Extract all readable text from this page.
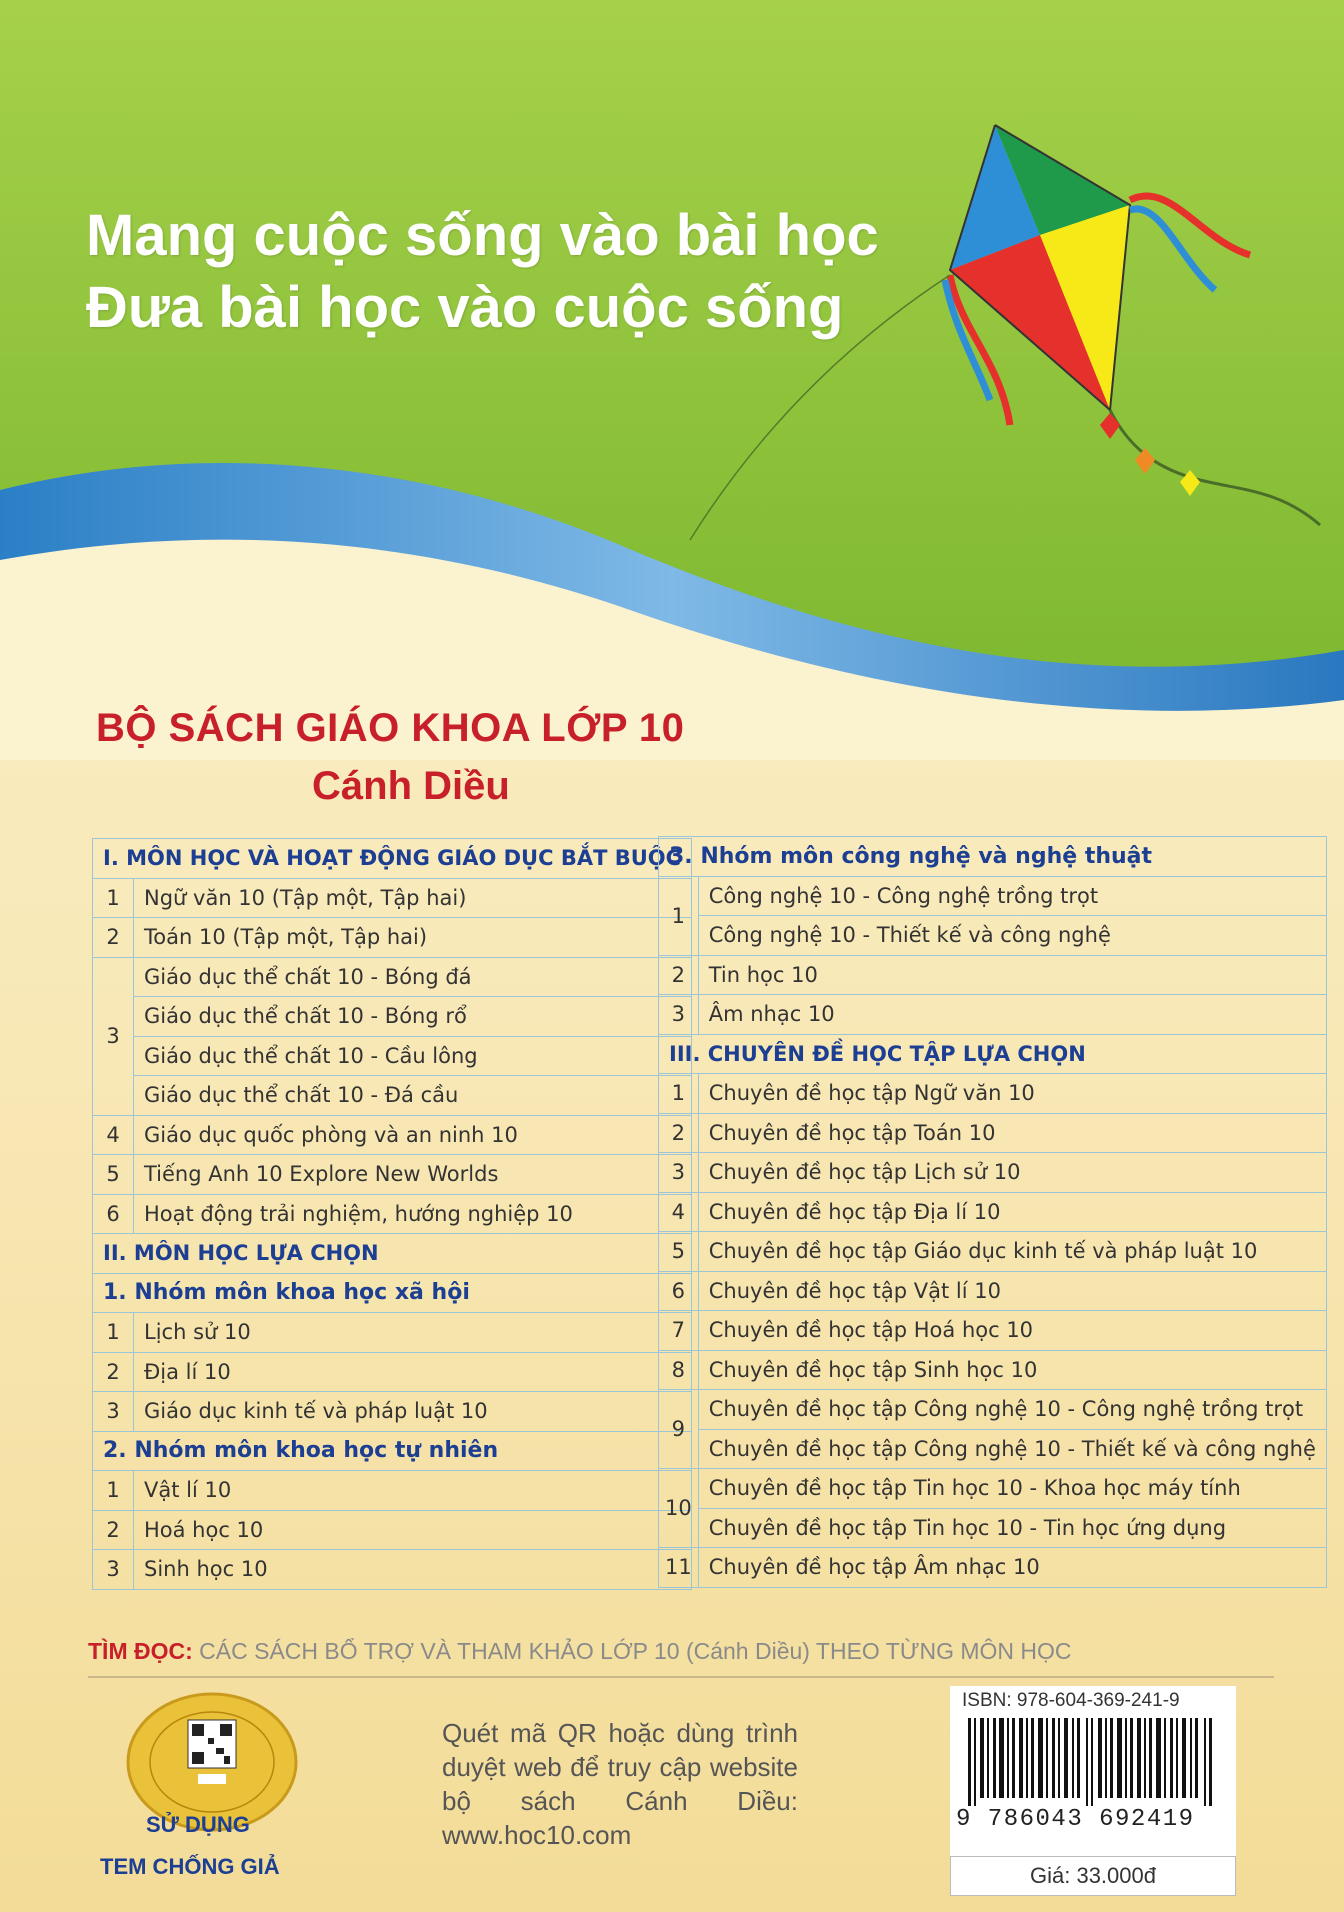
Mang cuộc sống vào bài học
Đưa bài học vào cuộc sống
BỘ SÁCH GIÁO KHOA LỚP 10
Cánh Diều
I. MÔN HỌC VÀ HOẠT ĐỘNG GIÁO DỤC BẮT BUỘC	
1	Ngữ văn 10 (Tập một, Tập hai)
2	Toán 10 (Tập một, Tập hai)
3	Giáo dục thể chất 10 - Bóng đá
	Giáo dục thể chất 10 - Bóng rổ
	Giáo dục thể chất 10 - Cầu lông
	Giáo dục thể chất 10 - Đá cầu
4	Giáo dục quốc phòng và an ninh 10
5	Tiếng Anh 10 Explore New Worlds
6	Hoạt động trải nghiệm, hướng nghiệp 10
II. MÔN HỌC LỰA CHỌN	
1. Nhóm môn khoa học xã hội	
1	Lịch sử 10
2	Địa lí 10
3	Giáo dục kinh tế và pháp luật 10
2. Nhóm môn khoa học tự nhiên	
1	Vật lí 10
2	Hoá học 10
3	Sinh học 10
3. Nhóm môn công nghệ và nghệ thuật	
1	Công nghệ 10 - Công nghệ trồng trọt
	Công nghệ 10 - Thiết kế và công nghệ
2	Tin học 10
3	Âm nhạc 10
III. CHUYÊN ĐỀ HỌC TẬP LỰA CHỌN	
1	Chuyên đề học tập Ngữ văn 10
2	Chuyên đề học tập Toán 10
3	Chuyên đề học tập Lịch sử 10
4	Chuyên đề học tập Địa lí 10
5	Chuyên đề học tập Giáo dục kinh tế và pháp luật 10
6	Chuyên đề học tập Vật lí 10
7	Chuyên đề học tập Hoá học 10
8	Chuyên đề học tập Sinh học 10
9	Chuyên đề học tập Công nghệ 10 - Công nghệ trồng trọt
	Chuyên đề học tập Công nghệ 10 - Thiết kế và công nghệ
10	Chuyên đề học tập Tin học 10 - Khoa học máy tính
	Chuyên đề học tập Tin học 10 - Tin học ứng dụng
11	Chuyên đề học tập Âm nhạc 10
TÌM ĐỌC: CÁC SÁCH BỔ TRỢ VÀ THAM KHẢO LỚP 10 (Cánh Diều) THEO TỪNG MÔN HỌC
SỬ DỤNG
TEM CHỐNG GIẢ
Quét mã QR hoặc dùng trình duyệt web để truy cập website bộ sách Cánh Diều: www.hoc10.com
ISBN: 978-604-369-241-9
9 786043 692419
Giá: 33.000đ
